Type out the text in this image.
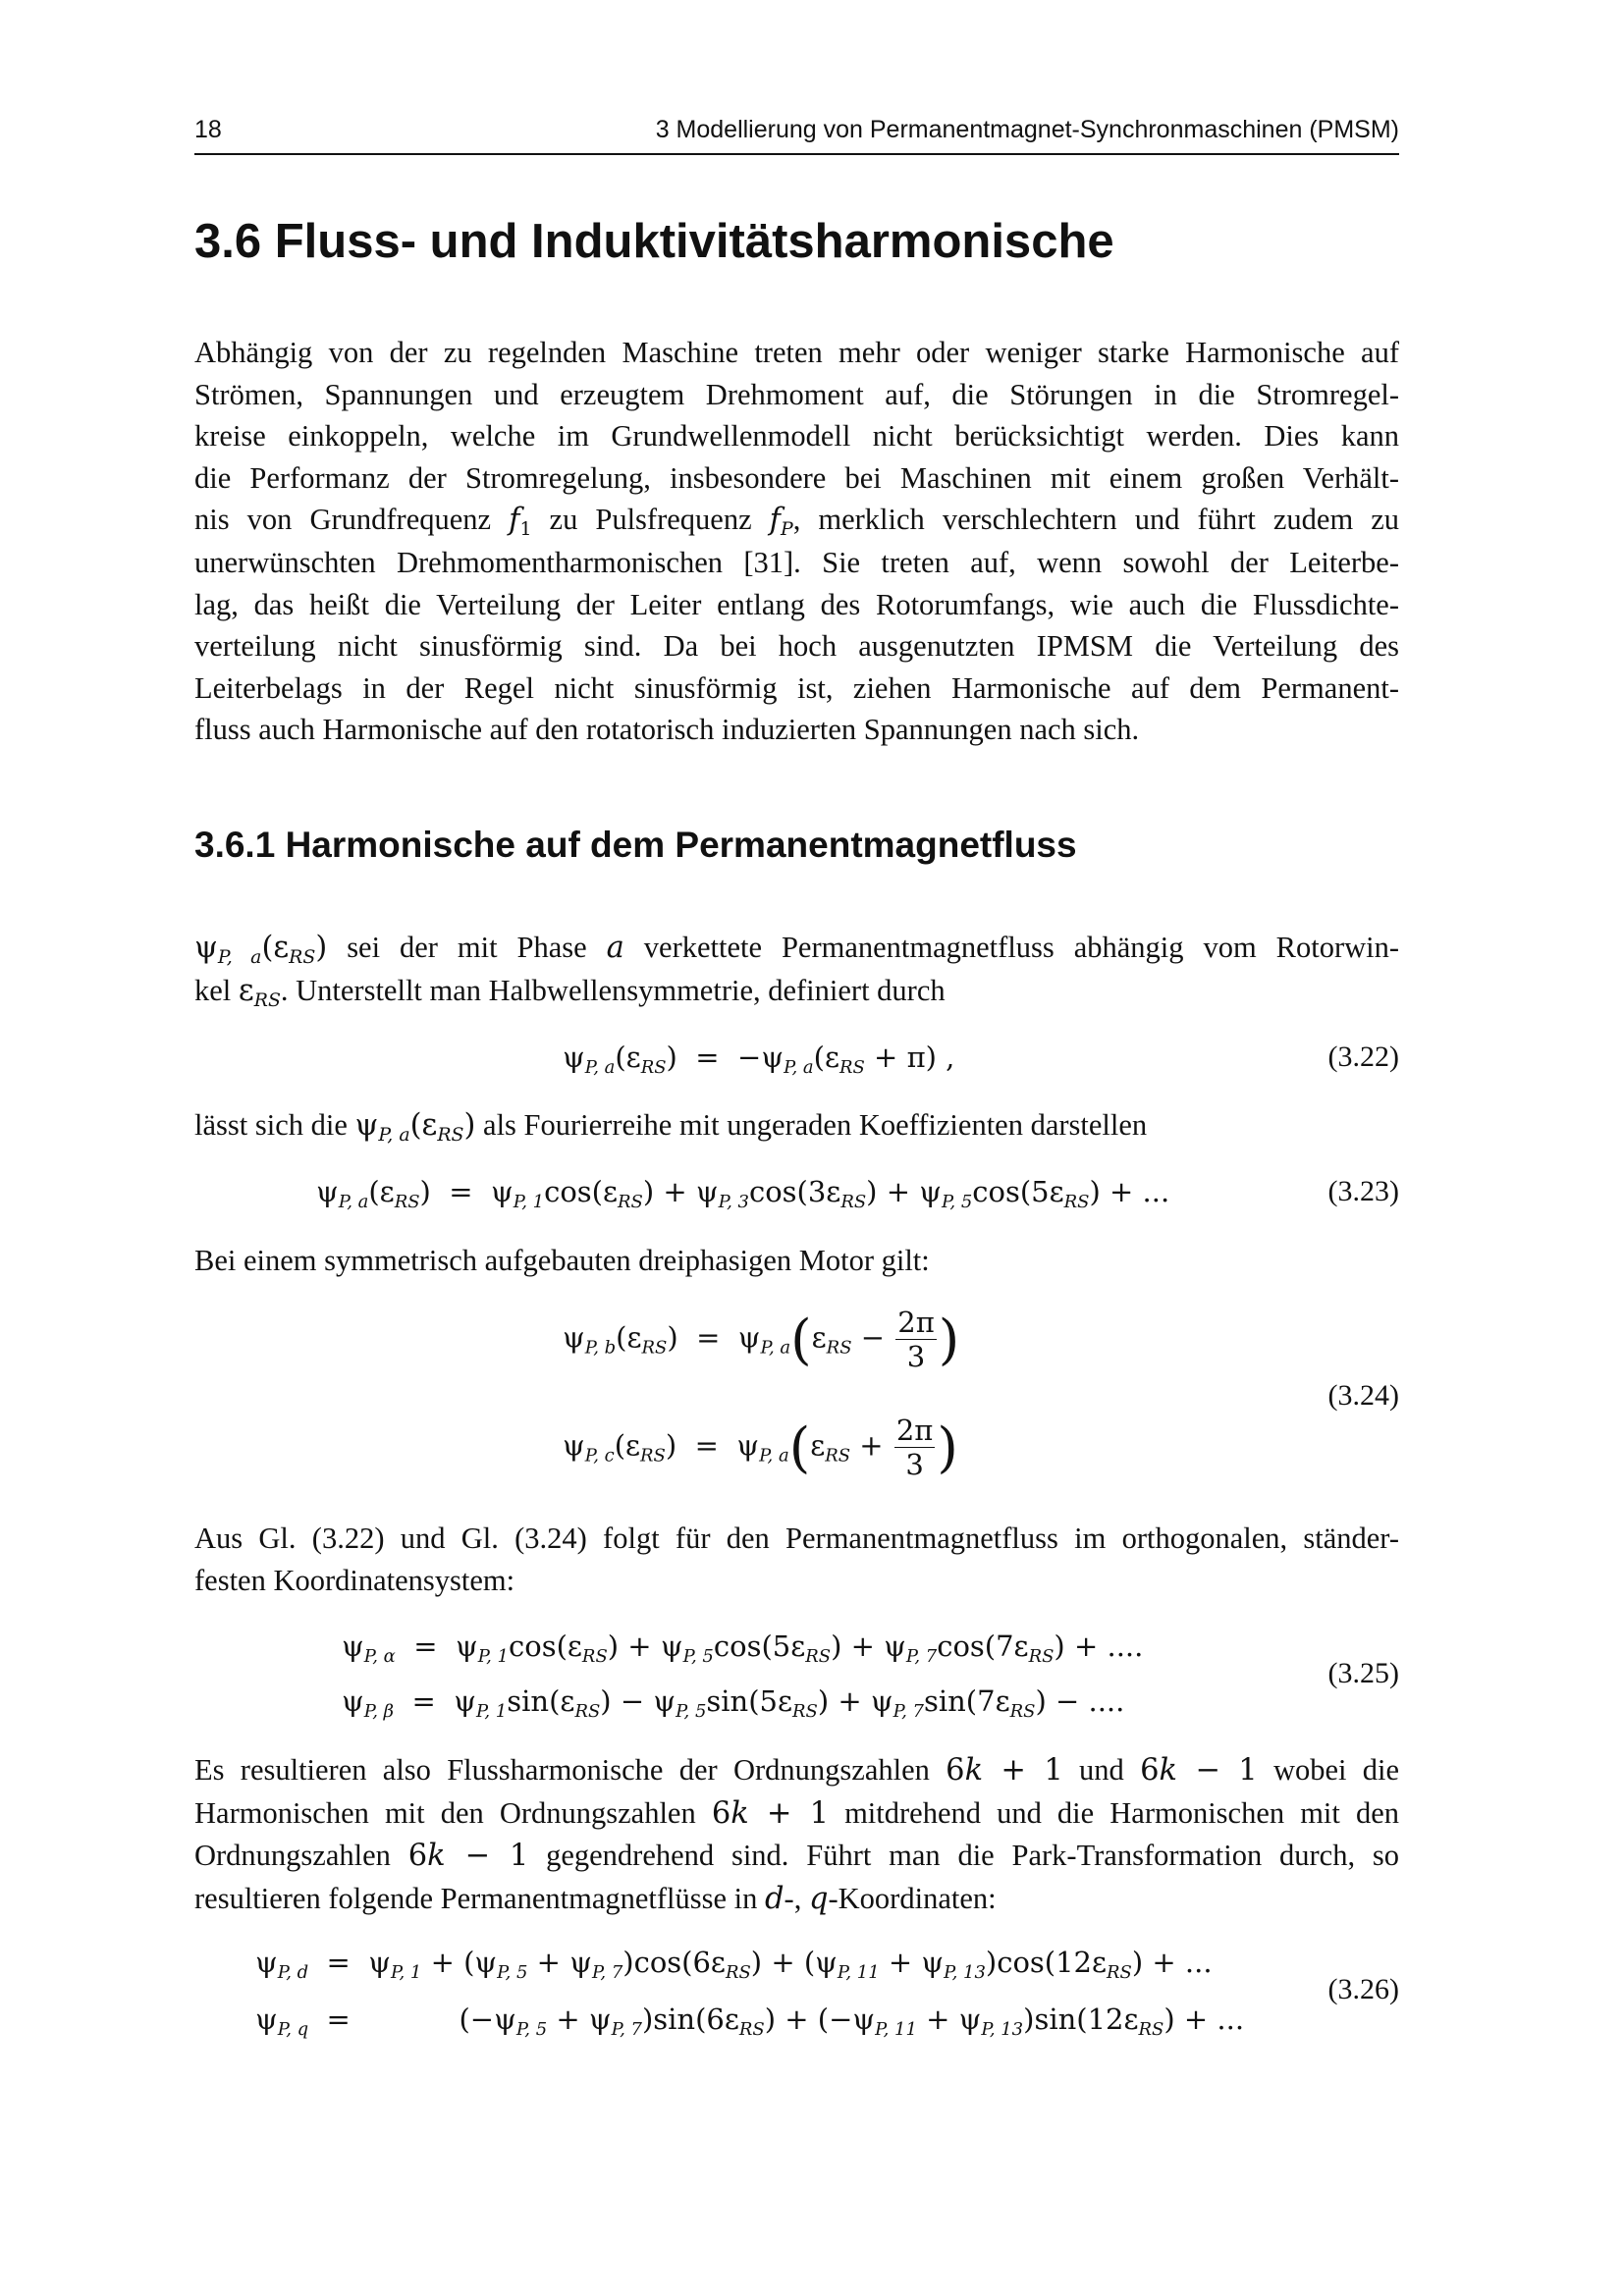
18	3 Modellierung von Permanentmagnet-Synchronmaschinen (PMSM)
3.6 Fluss- und Induktivitätsharmonische
Abhängig von der zu regelnden Maschine treten mehr oder weniger starke Harmonische auf
Strömen, Spannungen und erzeugtem Drehmoment auf, die Störungen in die Stromregel-
kreise einkoppeln, welche im Grundwellenmodell nicht berücksichtigt werden. Dies kann
die Performanz der Stromregelung, insbesondere bei Maschinen mit einem großen Verhält-
nis von Grundfrequenz $f_1$ zu Pulsfrequenz $f_P$, merklich verschlechtern und führt zudem zu
unerwünschten Drehmomentharmonischen [31]. Sie treten auf, wenn sowohl der Leiterbe-
lag, das heißt die Verteilung der Leiter entlang des Rotorumfangs, wie auch die Flussdichte-
verteilung nicht sinusförmig sind. Da bei hoch ausgenutzten IPMSM die Verteilung des
Leiterbelags in der Regel nicht sinusförmig ist, ziehen Harmonische auf dem Permanent-
fluss auch Harmonische auf den rotatorisch induzierten Spannungen nach sich.
3.6.1 Harmonische auf dem Permanentmagnetfluss
$\psi_{P, a}(\varepsilon_{RS})$ sei der mit Phase a verkettete Permanentmagnetfluss abhängig vom Rotorwin-
kel $\varepsilon_{RS}$. Unterstellt man Halbwellensymmetrie, definiert durch
$\psi_{P, a}(\varepsilon_{RS}) = -\psi_{P, a}(\varepsilon_{RS} + \pi)$ ,	(3.22)
lässt sich die $\psi_{P, a}(\varepsilon_{RS})$ als Fourierreihe mit ungeraden Koeffizienten darstellen
$\psi_{P, a}(\varepsilon_{RS}) = \psi_{P, 1}\cos(\varepsilon_{RS}) + \psi_{P, 3}\cos(3\varepsilon_{RS}) + \psi_{P, 5}\cos(5\varepsilon_{RS})$ + ...	(3.23)
Bei einem symmetrisch aufgebauten dreiphasigen Motor gilt:
$\psi_{P, b}(\varepsilon_{RS}) = \psi_{P, a}(\varepsilon_{RS} - \frac{2\pi}{3}$ )
$\psi_{P, c}(\varepsilon_{RS}) = \psi_{P, a}(\varepsilon_{RS} + \frac{2\pi}{3}$ )
(3.24)
Aus Gl. (3.22) und Gl. (3.24) folgt für den Permanentmagnetfluss im orthogonalen, ständer-
festen Koordinatensystem:
$\psi_{P, \alpha} = \psi_{P, 1}\cos(\varepsilon_{RS}) + \psi_{P, 5}\cos(5\varepsilon_{RS}) + \psi_{P, 7}\cos(7\varepsilon_{RS})$ + ....
$\psi_{P, \beta} = \psi_{P, 1}\sin(\varepsilon_{RS}) - \psi_{P, 5}\sin(5\varepsilon_{RS}) + \psi_{P, 7}\sin(7\varepsilon_{RS})$ − ....
(3.25)
Es resultieren also Flussharmonische der Ordnungszahlen 6k + 1 und 6k − 1 wobei die
Harmonischen mit den Ordnungszahlen 6k + 1 mitdrehend und die Harmonischen mit den
Ordnungszahlen 6k − 1 gegendrehend sind. Führt man die Park-Transformation durch, so
resultieren folgende Permanentmagnetflüsse in d-, q-Koordinaten:
$\psi_{P, d} = \psi_{P, 1} + (\psi_{P, 5} + \psi_{P, 7})\cos(6\varepsilon_{RS}) + (\psi_{P, 11} + \psi_{P, 13})\cos(12\varepsilon_{RS})$ + ...
$\psi_{P, q}$  =            $(-\psi_{P, 5} + \psi_{P, 7})\sin(6\varepsilon_{RS}) + (-\psi_{P, 11} + \psi_{P, 13})\sin(12\varepsilon_{RS})$ + ...
(3.26)
